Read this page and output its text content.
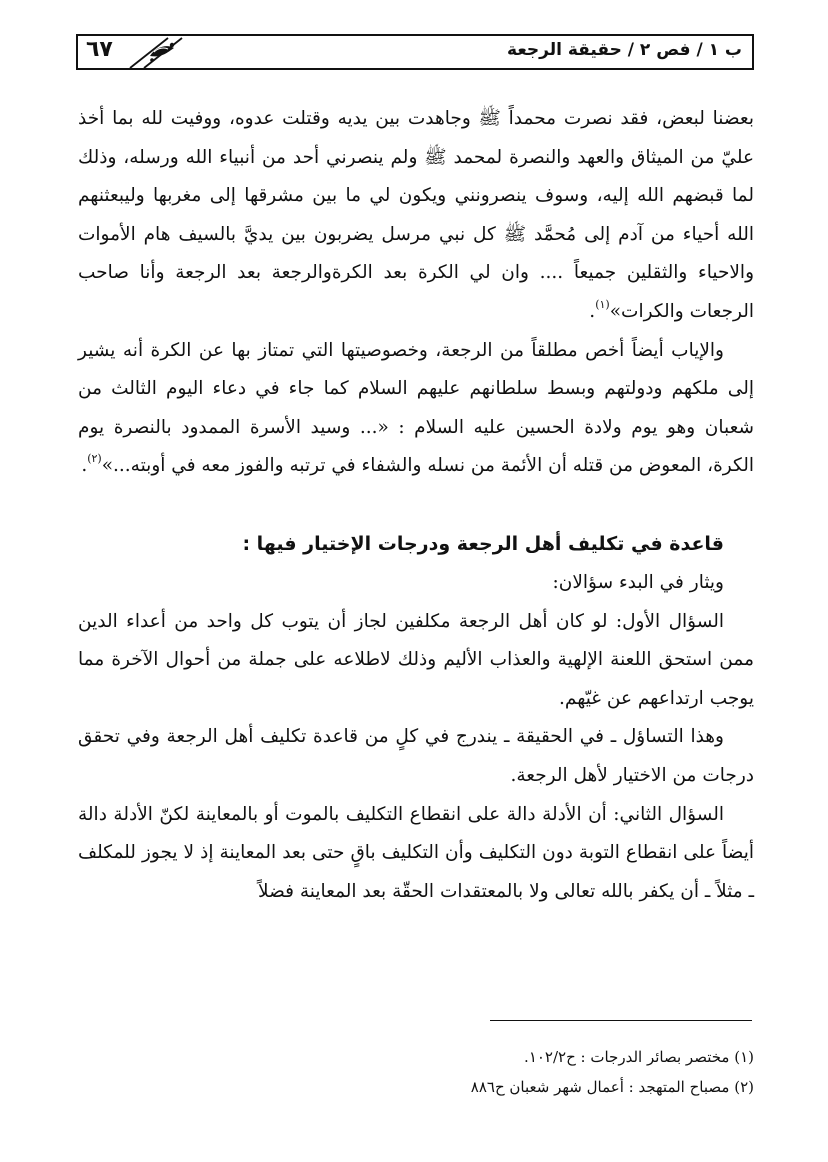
ب ١ / فص ٢ / حقيقة الرجعة
٦٧

بعضنا لبعض، فقد نصرت محمداً ﷺ وجاهدت بين يديه وقتلت عدوه، ووفيت لله بما أخذ عليّ من الميثاق والعهد والنصرة لمحمد ﷺ ولم ينصرني أحد من أنبياء الله ورسله، وذلك لما قبضهم الله إليه، وسوف ينصرونني ويكون لي ما بين مشرقها إلى مغربها وليبعثنهم الله أحياء من آدم إلى مُحمَّد ﷺ كل نبي مرسل يضربون بين يديَّ بالسيف هام الأموات والاحياء والثقلين جميعاً .... وان لي الكرة بعد الكرةوالرجعة بعد الرجعة وأنا صاحب الرجعات والكرات»$^{(١)}$.

والإياب أيضاً أخص مطلقاً من الرجعة، وخصوصيتها التي تمتاز بها عن الكرة أنه يشير إلى ملكهم ودولتهم وبسط سلطانهم عليهم السلام كما جاء في دعاء اليوم الثالث من شعبان وهو يوم ولادة الحسين عليه السلام : «... وسيد الأسرة الممدود بالنصرة يوم الكرة، المعوض من قتله أن الأئمة من نسله والشفاء في ترتبه والفوز معه في أوبته...»$^{(٢)}$.

قاعدة في تكليف أهل الرجعة ودرجات الإختيار فيها :

ويثار في البدء سؤالان:

السؤال الأول: لو كان أهل الرجعة مكلفين لجاز أن يتوب كل واحد من أعداء الدين ممن استحق اللعنة الإلهية والعذاب الأليم وذلك لاطلاعه على جملة من أحوال الآخرة مما يوجب ارتداعهم عن غيّهم.

وهذا التساؤل ـ في الحقيقة ـ يندرج في كلٍ من قاعدة تكليف أهل الرجعة وفي تحقق درجات من الاختيار لأهل الرجعة.

السؤال الثاني: أن الأدلة دالة على انقطاع التكليف بالموت أو بالمعاينة لكنّ الأدلة دالة أيضاً على انقطاع التوبة دون التكليف وأن التكليف باقٍ حتى بعد المعاينة إذ لا يجوز للمكلف ـ مثلاً ـ أن يكفر بالله تعالى ولا بالمعتقدات الحقّة بعد المعاينة فضلاً

(١) مختصر بصائر الدرجات : ح١٠٢/٢.

(٢) مصباح المتهجد : أعمال شهر شعبان ح٨٨٦
